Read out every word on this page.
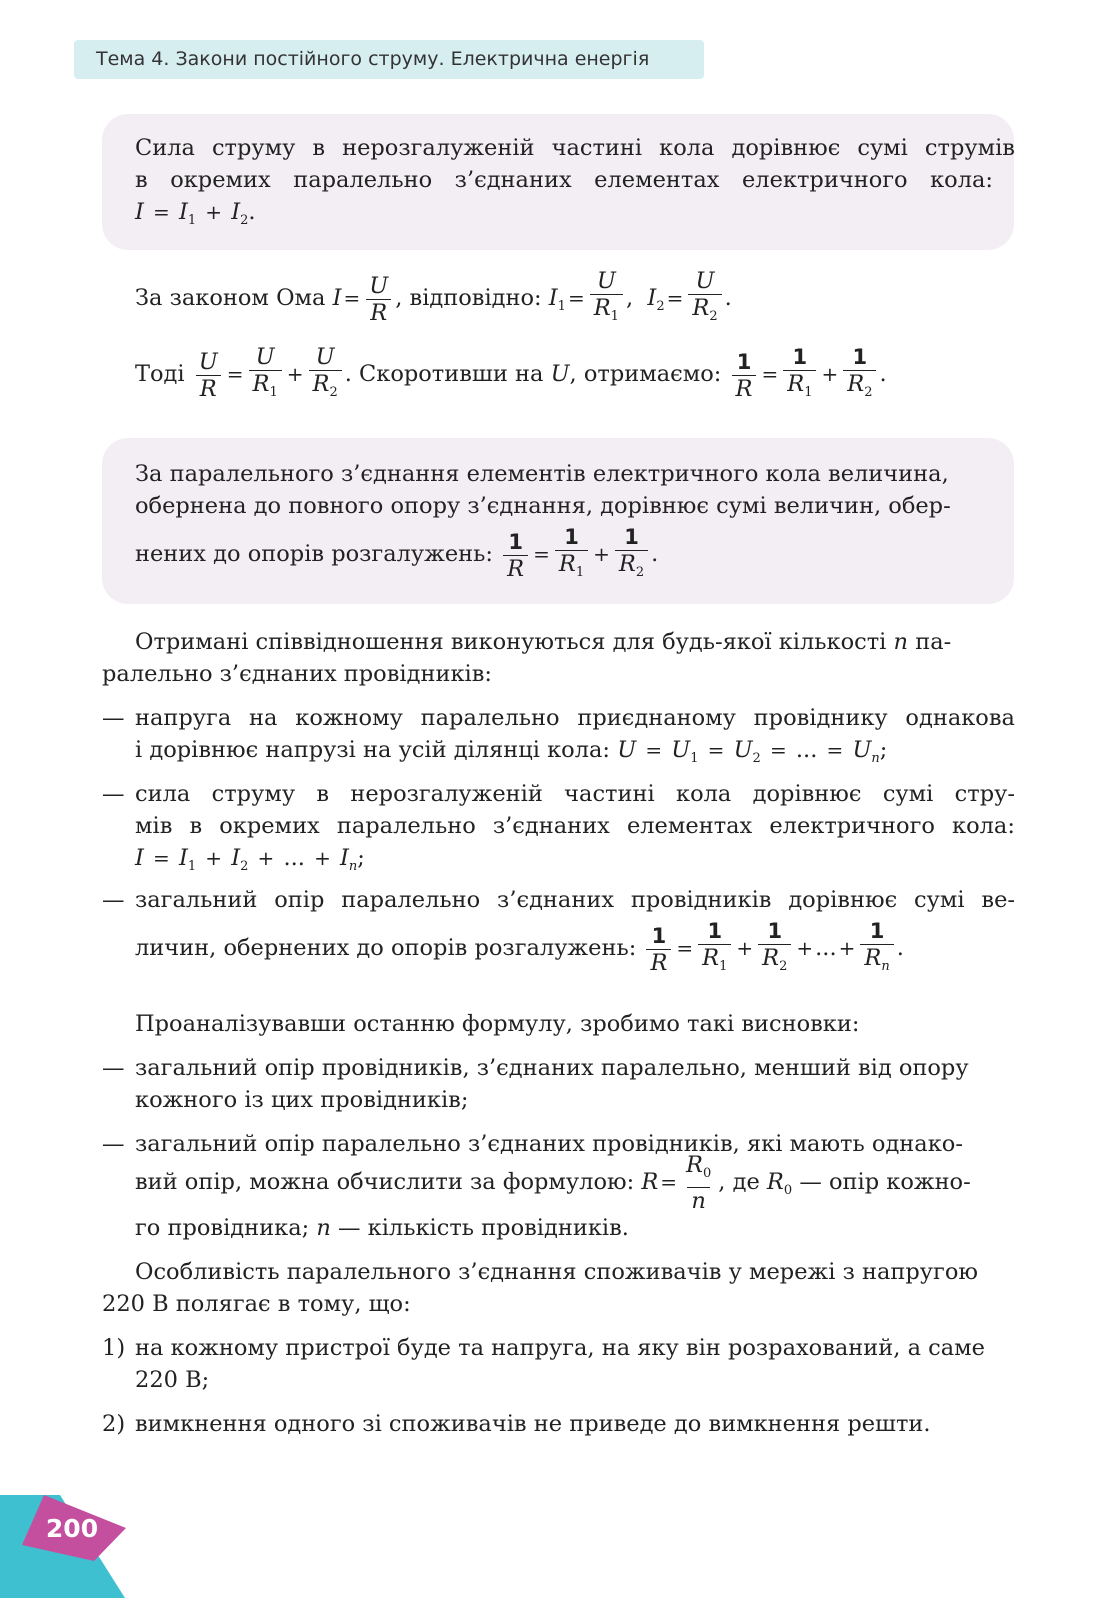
Тема 4. Закони постійного струму. Електрична енергія
Сила струму в нерозгалуженій частині кола дорівнює сумі струмів
в окремих паралельно з’єднаних елементах електричного кола:
$I = I_1 + I_2$.
За законом Ома $I = \frac{U}{R}$ , відповідно: $I_1 = \frac{U}{R_1}$ , $I_2 = \frac{U}{R_2}$ .
Тоді $\frac{U}{R} = \frac{U}{R_1} + \frac{U}{R_2}$ . Скоротивши на U, отримаємо: $\frac{1}{R} = \frac{1}{R_1} + \frac{1}{R_2}$ .
За паралельного з’єднання елементів електричного кола величина,
обернена до повного опору з’єднання, дорівнює сумі величин, обер-
нених до опорів розгалужень: $\frac{1}{R} = \frac{1}{R_1} + \frac{1}{R_2}$ .
Отримані співвідношення виконуються для будь-якої кількості n па-
ралельно з’єднаних провідників:
— напруга на кожному паралельно приєднаному провіднику однакова
і дорівнює напрузі на усій ділянці кола: $U = U_1 = U_2$ = ... = $U_n$;
— сила струму в нерозгалуженій частині кола дорівнює сумі стру-
мів в окремих паралельно з’єднаних елементах електричного кола:
$I = I_1 + I_2$ + ... + $I_n$;
— загальний опір паралельно з’єднаних провідників дорівнює сумі ве-
личин, обернених до опорів розгалужень: $\frac{1}{R} = \frac{1}{R_1} + \frac{1}{R_2}$ +... + $\frac{1}{R_n}$ .
Проаналізувавши останню формулу, зробимо такі висновки:
— загальний опір провідників, з’єднаних паралельно, менший від опору
кожного із цих провідників;
— загальний опір паралельно з’єднаних провідників, які мають однако-
вий опір, можна обчислити за формулою: $R = \frac{R_0}{n}$ , де $R_0$ — опір кожно-
го провідника; n — кількість провідників.
Особливість паралельного з’єднання споживачів у мережі з напругою
220 В полягає в тому, що:
1) на кожному пристрої буде та напруга, на яку він розрахований, а саме
220 В;
2) вимкнення одного зі споживачів не приведе до вимкнення решти.
200
